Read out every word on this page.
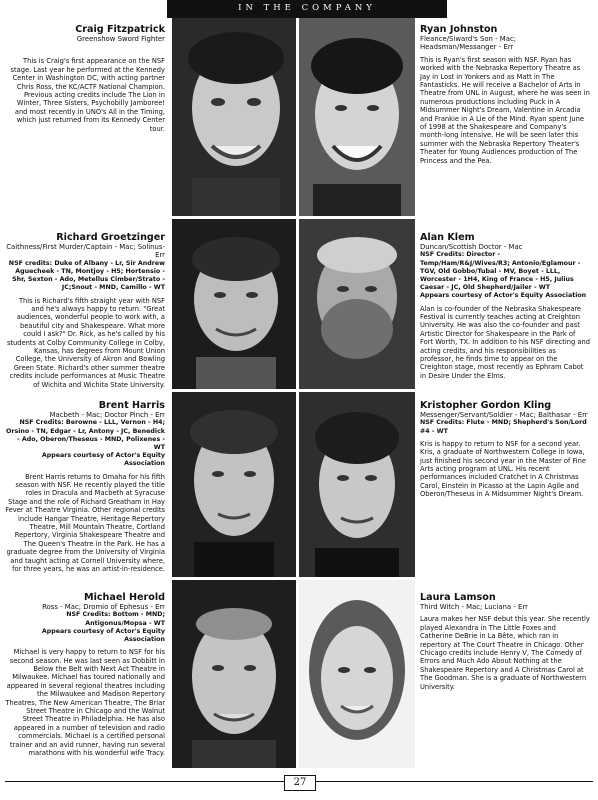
IN THE COMPANY
Craig Fitzpatrick
Greenshow Sword Fighter
This is Craig's first appearance on the NSF stage. Last year he performed at the Kennedy Center in Washington DC, with acting partner Chris Ross, the KC/ACTF National Champion. Previous acting credits include The Lion in Winter, Three Sisters, Psychobilly Jamboree! and most recently in UNO's All in the Timing, which just returned from its Kennedy Center tour.
Richard Groetzinger
Caithness/First Murder/Captain - Mac; Solinus- Err
NSF credits: Duke of Albany - Lr, Sir Andrew Aguecheek - TN, Montjoy - H5; Hortensio - Shr, Sexton - Ado, Metellus Cimber/Strato - JC;Snout - MND, Camillo - WT
This is Richard's fifth straight year with NSF and he's always happy to return. "Great audiences, wonderful people to work with, a beautiful city and Shakespeare. What more could I ask?" Dr. Rick, as he's called by his students at Colby Community College in Colby, Kansas, has degrees from Mount Union College, the University of Akron and Bowling Green State. Richard's other summer theatre credits include performances at Music Theatre of Wichita and Wichita State University.
Brent Harris
Macbeth - Mac; Doctor Pinch - Err
NSF Credits: Berowne - LLL, Vernon - H4; Orsino - TN, Edgar - Lr, Antony - JC, Benedick - Ado, Oberon/Theseus - MND, Polixenes - WT
Appears courtesy of Actor's Equity Association
Brent Harris returns to Omaha for his fifth season with NSF. He recently played the title roles in Dracula and Macbeth at Syracuse Stage and the role of Richard Greatham in Hay Fever at Theatre Virginia. Other regional credits include Hangar Theatre, Heritage Repertory Theatre, Mill Mountain Theatre, Cortland Repertory, Virginia Shakespeare Theatre and The Queen's Theatre in the Park. He has a graduate degree from the University of Virginia and taught acting at Cornell University where, for three years, he was an artist-in-residence.
Michael Herold
Ross - Mac; Dromio of Ephesus - Err
NSF Credits: Bottom - MND; Antigonus/Mopsa - WT
Appears courtesy of Actor's Equity Association
Michael is very happy to return to NSF for his second season. He was last seen as Dobbitt in Below the Belt with Next Act Theatre in Milwaukee. Michael has toured nationally and appeared in several regional theatres including the Milwaukee and Madison Repertory Theatres, The New American Theatre, The Briar Street Theatre in Chicago and the Walnut Street Theatre in Philadelphia. He has also appeared in a number of television and radio commercials. Michael is a certified personal trainer and an avid runner, having run several marathons with his wonderful wife Tracy.
Ryan Johnston
Fleance/Siward's Son - Mac; Headsman/Messanger - Err
This is Ryan's first season with NSF. Ryan has worked with the Nebraska Repertory Theatre as Jay in Lost in Yonkers and as Matt in The Fantasticks. He will receive a Bachelor of Arts in Theatre from UNL in August, where he was seen in numerous productions including Puck in A Midsummer Night's Dream, Valentine in Arcadia and Frankie in A Lie of the Mind. Ryan spent June of 1998 at the Shakespeare and Company's month-long intensive. He will be seen later this summer with the Nebraska Repertory Theater's Theater for Young Audiences production of The Princess and the Pea.
Alan Klem
Duncan/Scottish Doctor - Mac
NSF Credits: Director - Temp/Ham/R&J/Wives/R3; Antonio/Eglamour - TGV, Old Gobbo/Tubal - MV, Boyet - LLL, Worcester - 1H4, King of France - H5, Julius Caesar - JC, Old Shepherd/Jailer - WT
Appears courtesy of Actor's Equity Association
Alan is co-founder of the Nebraska Shakespeare Festival is currently teaches acting at Creighton University. He was also the co-founder and past Artistic Director for Shakespeare in the Park of Fort Worth, TX. In addition to his NSF directing and acting credits, and his responsibilities as professor, he finds time to appear on the Creighton stage, most recently as Ephram Cabot in Desire Under the Elms.
Kristopher Gordon Kling
Messenger/Servant/Soldier - Mac; Balthasar - Err
NSF Credits: Flute - MND; Shepherd's Son/Lord #4 - WT
Kris is happy to return to NSF for a second year. Kris, a graduate of Northwestern College in Iowa, just finished his second year in the Master of Fine Arts acting program at UNL. His recent performances included Cratchet in A Christmas Carol, Einstein in Picasso at the Lapin Agile and Oberon/Theseus in A Midsummer Night's Dream.
Laura Lamson
Third Witch - Mac; Luciana - Err
Laura makes her NSF debut this year. She recently played Alexandra in The Little Foxes and Catherine DeBrie in La Bête, which ran in repertory at The Court Theatre in Chicago. Other Chicago credits include Henry V, The Comedy of Errors and Much Ado About Nothing at the Shakespeare Repertory and A Christmas Carol at The Goodman. She is a graduate of Northwestern University.
27
